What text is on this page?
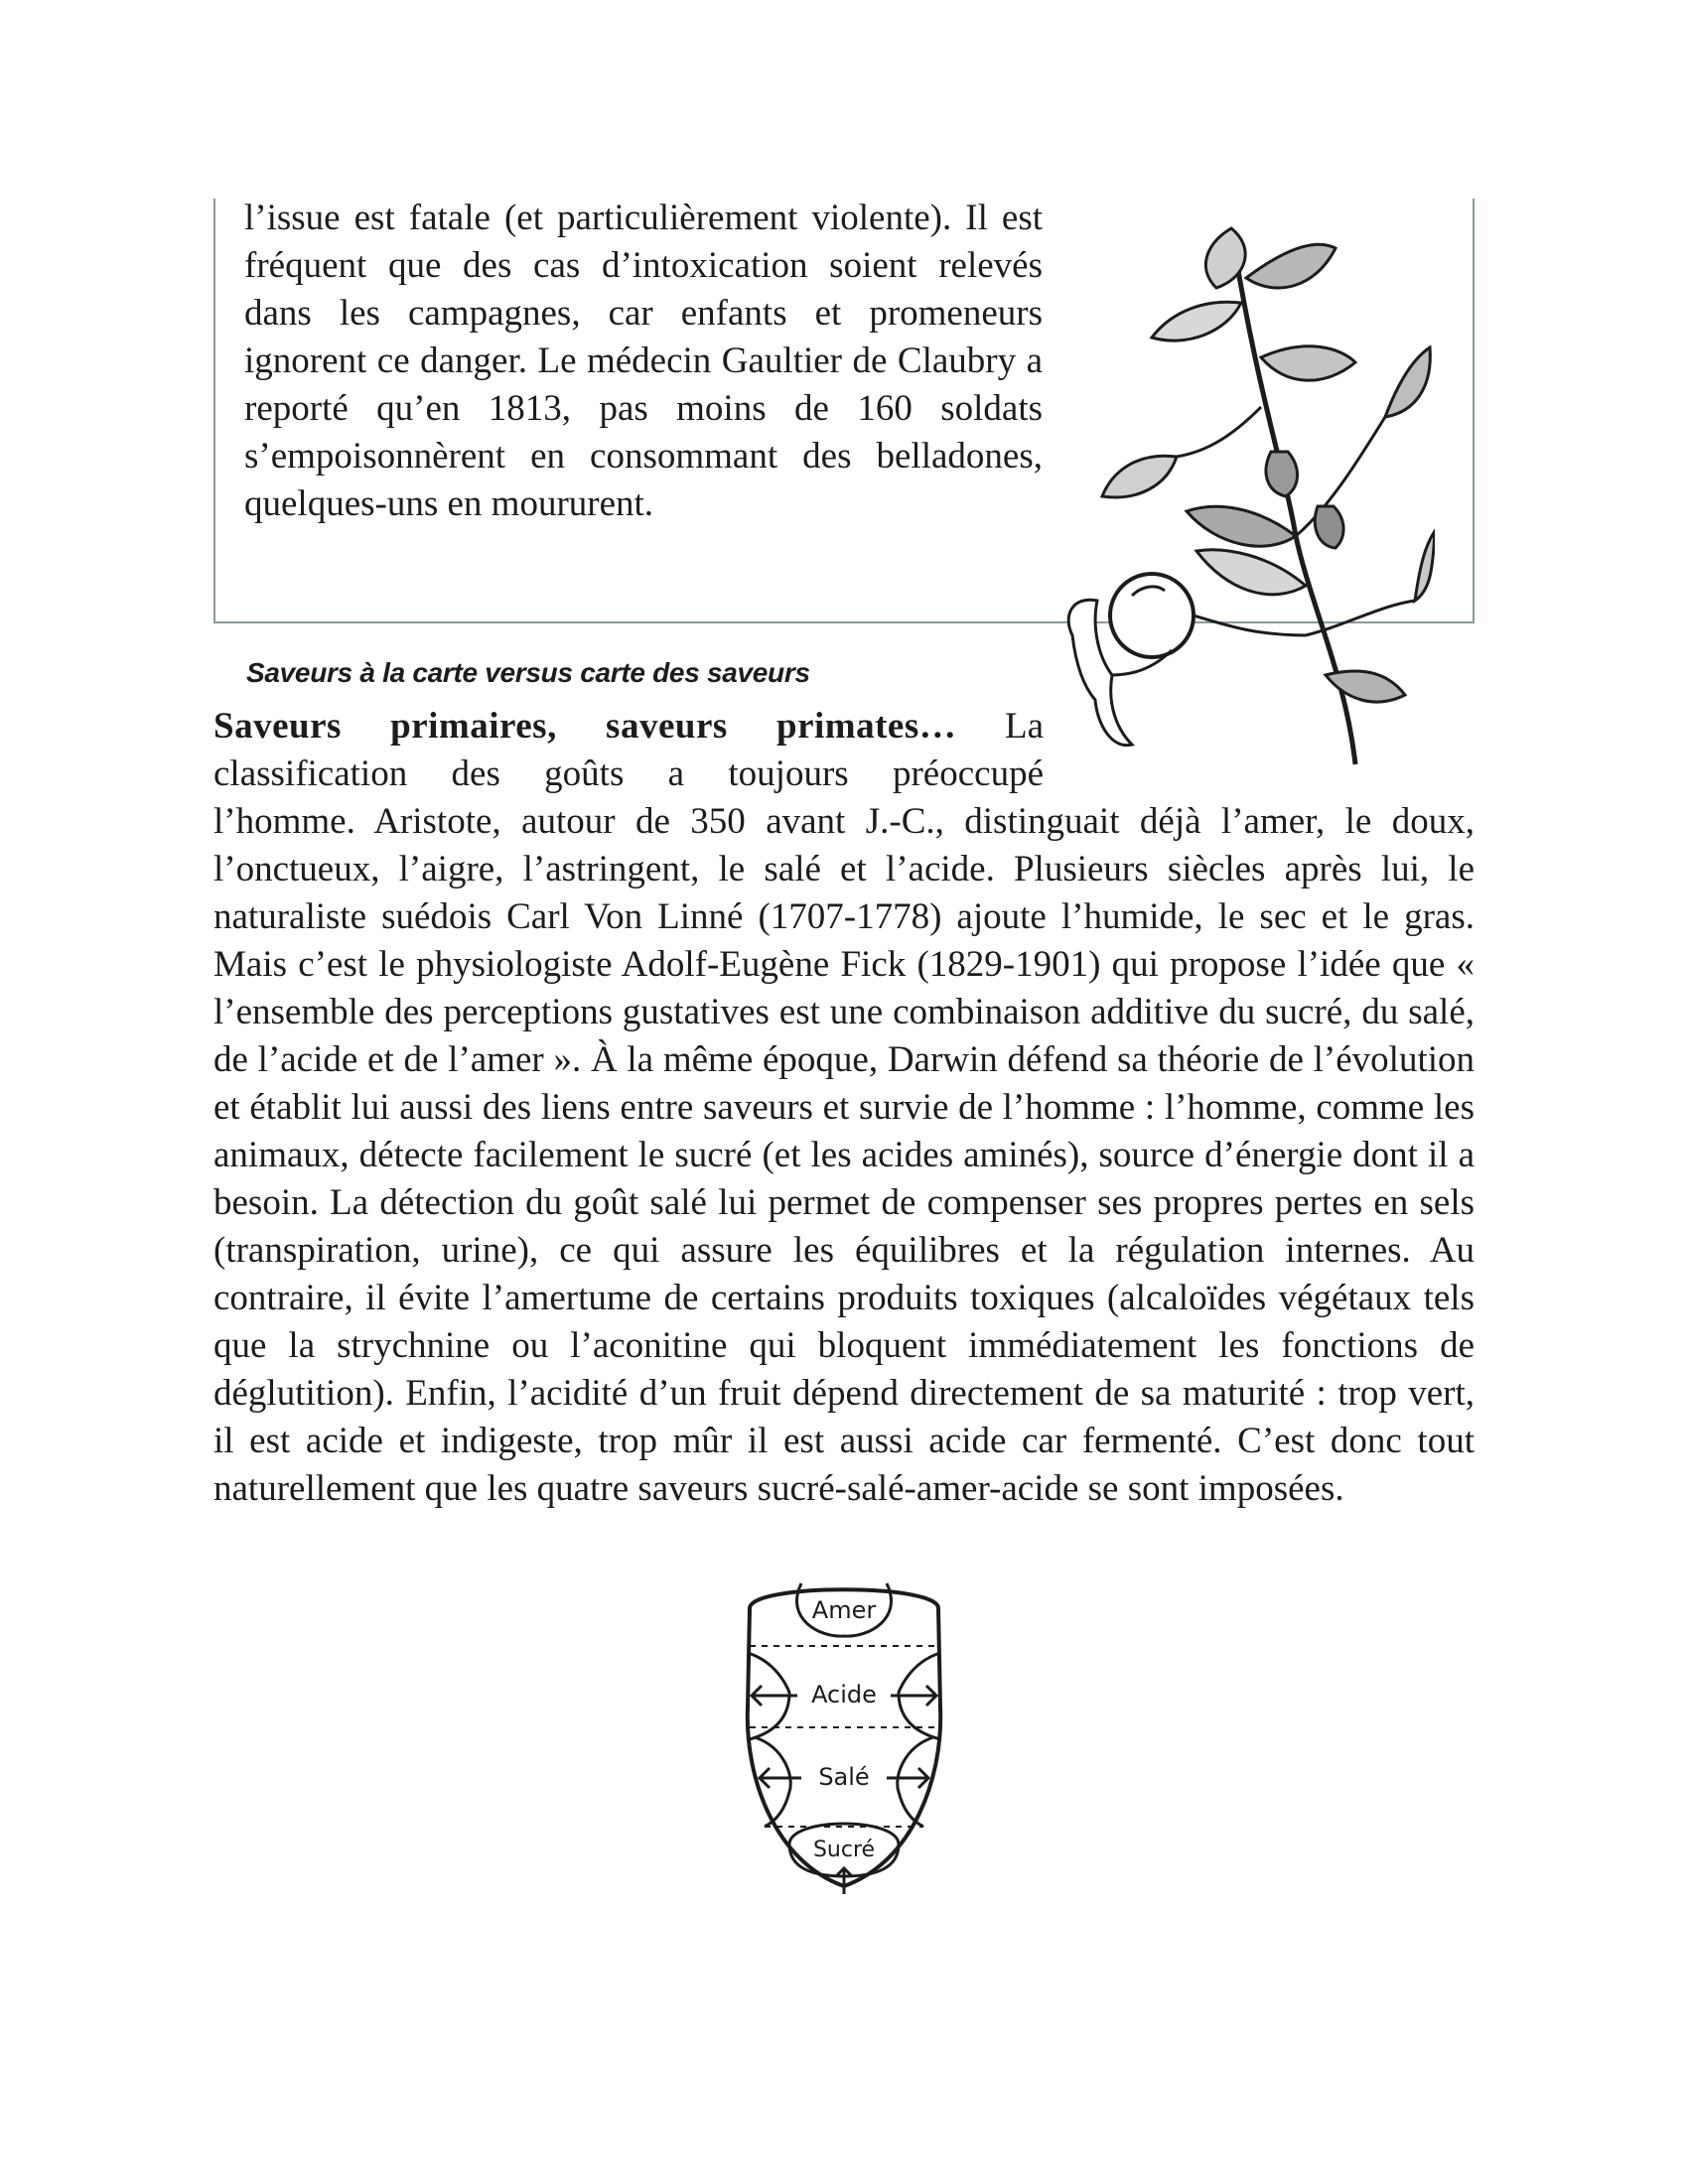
l’issue est fatale (et particulièrement violente). Il est fréquent que des cas d’intoxication soient relevés dans les campagnes, car enfants et promeneurs ignorent ce danger. Le médecin Gaultier de Claubry a reporté qu’en 1813, pas moins de 160 soldats s’empoisonnèrent en consommant des belladones, quelques-uns en moururent.

Saveurs à la carte versus carte des saveurs

Saveurs primaires, saveurs primates… La classification des goûts a toujours préoccupé

l’homme. Aristote, autour de 350 avant J.-C., distinguait déjà l’amer, le doux, l’onctueux, l’aigre, l’astringent, le salé et l’acide. Plusieurs siècles après lui, le naturaliste suédois Carl Von Linné (1707-1778) ajoute l’humide, le sec et le gras. Mais c’est le physiologiste Adolf-Eugène Fick (1829-1901) qui propose l’idée que « l’ensemble des perceptions gustatives est une combinaison additive du sucré, du salé, de l’acide et de l’amer ». À la même époque, Darwin défend sa théorie de l’évolution et établit lui aussi des liens entre saveurs et survie de l’homme : l’homme, comme les animaux, détecte facilement le sucré (et les acides aminés), source d’énergie dont il a besoin. La détection du goût salé lui permet de compenser ses propres pertes en sels (transpiration, urine), ce qui assure les équilibres et la régulation internes. Au contraire, il évite l’amertume de certains produits toxiques (alcaloïdes végétaux tels que la strychnine ou l’aconitine qui bloquent immédiatement les fonctions de déglutition). Enfin, l’acidité d’un fruit dépend directement de sa maturité : trop vert, il est acide et indigeste, trop mûr il est aussi acide car fermenté. C’est donc tout naturellement que les quatre saveurs sucré-salé-amer-acide se sont imposées.

Amer
Acide
Salé
Sucré
